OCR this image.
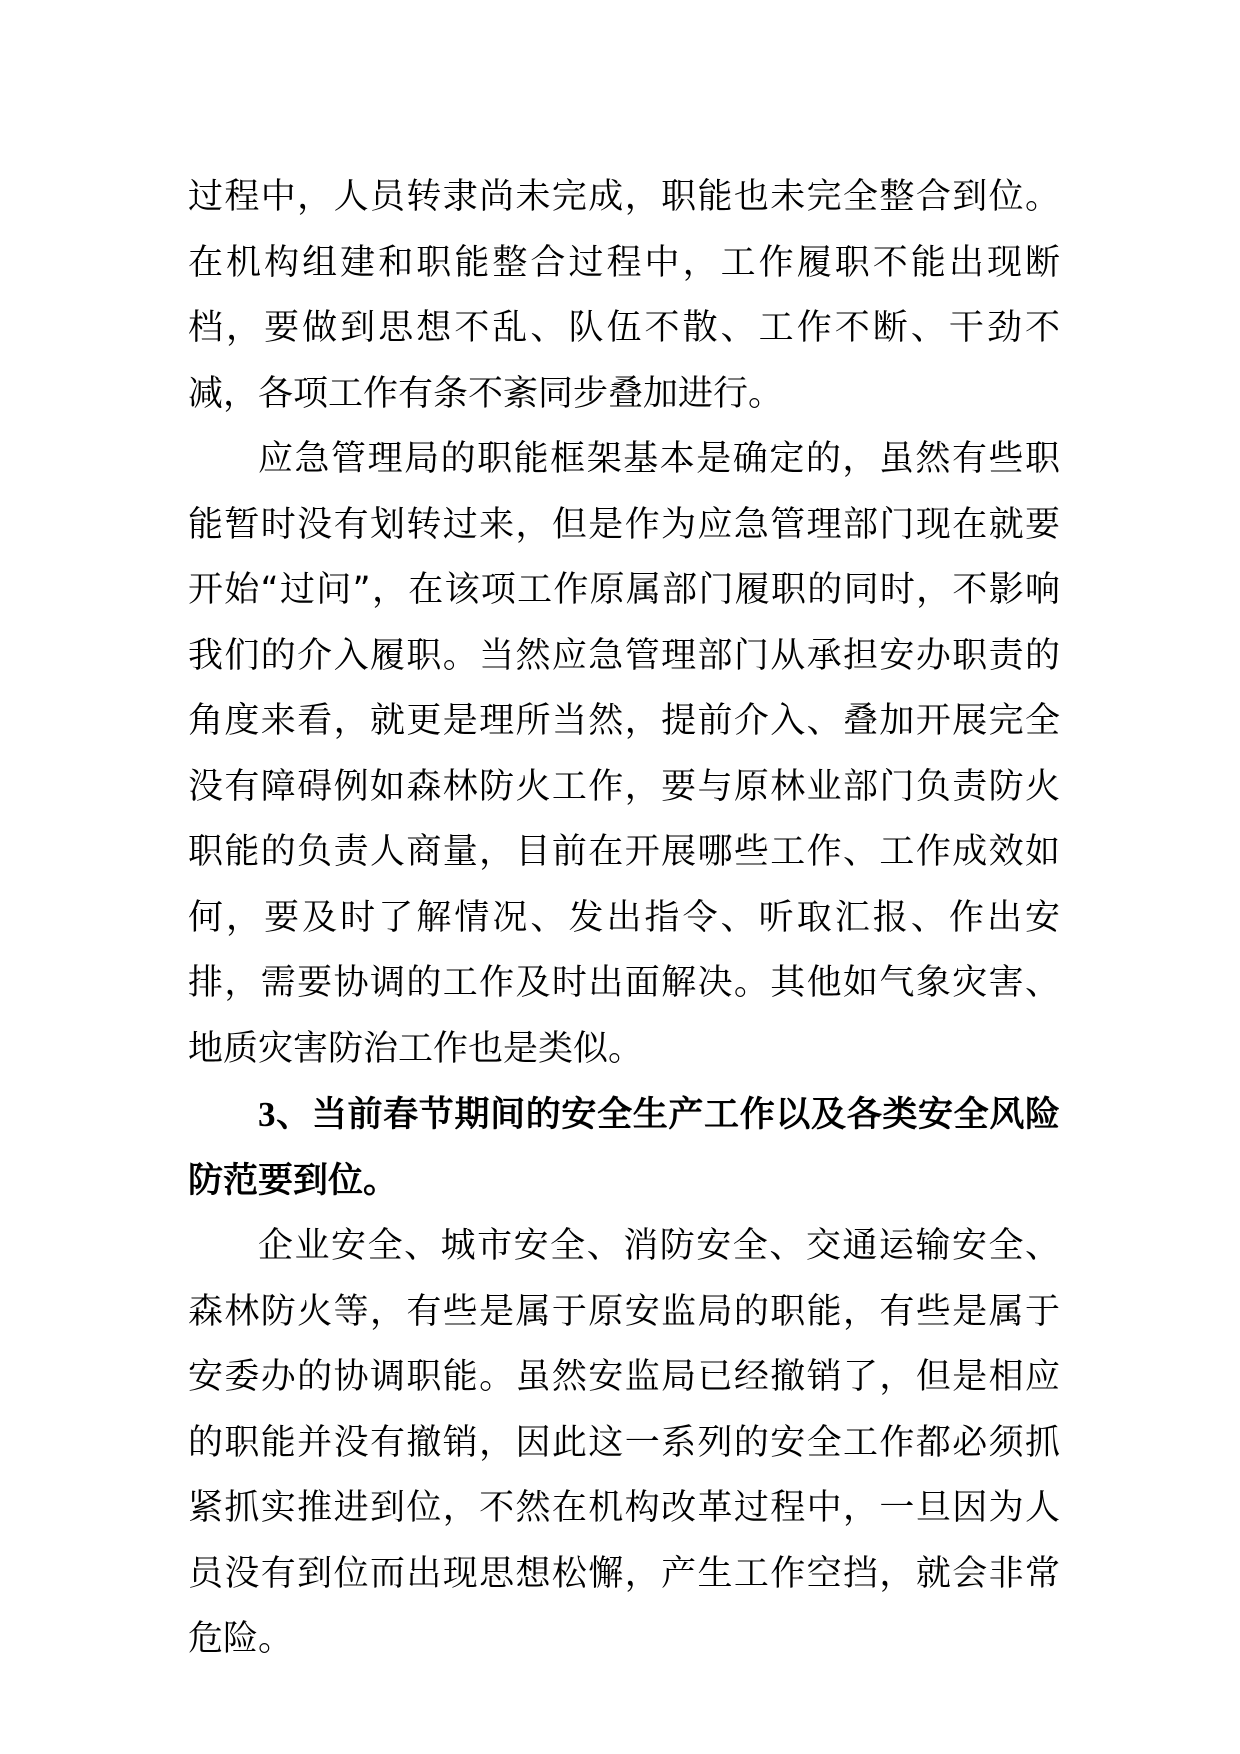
过程中，人员转隶尚未完成，职能也未完全整合到位。在机构组建和职能整合过程中，工作履职不能出现断档，要做到思想不乱、队伍不散、工作不断、干劲不减，各项工作有条不紊同步叠加进行。

应急管理局的职能框架基本是确定的，虽然有些职能暂时没有划转过来，但是作为应急管理部门现在就要开始“过问”，在该项工作原属部门履职的同时，不影响我们的介入履职。当然应急管理部门从承担安办职责的角度来看，就更是理所当然，提前介入、叠加开展完全没有障碍例如森林防火工作，要与原林业部门负责防火职能的负责人商量，目前在开展哪些工作、工作成效如何，要及时了解情况、发出指令、听取汇报、作出安排，需要协调的工作及时出面解决。其他如气象灾害、地质灾害防治工作也是类似。

3、当前春节期间的安全生产工作以及各类安全风险防范要到位。

企业安全、城市安全、消防安全、交通运输安全、森林防火等，有些是属于原安监局的职能，有些是属于安委办的协调职能。虽然安监局已经撤销了，但是相应的职能并没有撤销，因此这一系列的安全工作都必须抓紧抓实推进到位，不然在机构改革过程中，一旦因为人员没有到位而出现思想松懈，产生工作空挡，就会非常危险。
